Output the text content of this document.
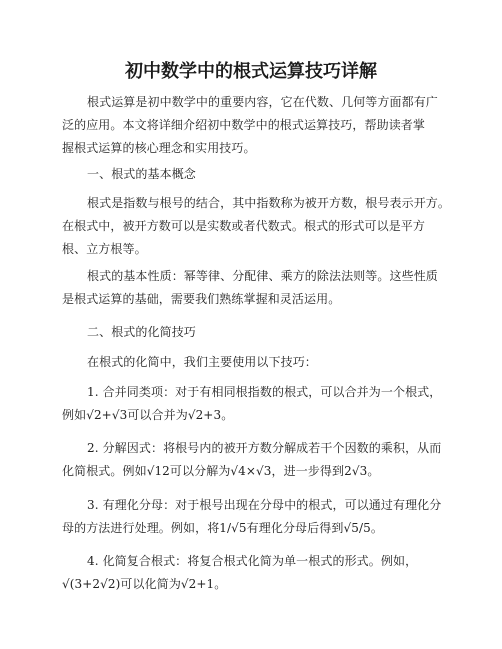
初中数学中的根式运算技巧详解
根式运算是初中数学中的重要内容，它在代数、几何等方面都有广
泛的应用。本文将详细介绍初中数学中的根式运算技巧，帮助读者掌
握根式运算的核心理念和实用技巧。
一、根式的基本概念
根式是指数与根号的结合，其中指数称为被开方数，根号表示开方。
在根式中，被开方数可以是实数或者代数式。根式的形式可以是平方
根、立方根等。
根式的基本性质：幂等律、分配律、乘方的除法法则等。这些性质
是根式运算的基础，需要我们熟练掌握和灵活运用。
二、根式的化简技巧
在根式的化简中，我们主要使用以下技巧：
1. 合并同类项：对于有相同根指数的根式，可以合并为一个根式，
例如√2+√3可以合并为√2+3。
2. 分解因式：将根号内的被开方数分解成若干个因数的乘积，从而
化简根式。例如√12可以分解为√4×√3，进一步得到2√3。
3. 有理化分母：对于根号出现在分母中的根式，可以通过有理化分
母的方法进行处理。例如，将1/√5有理化分母后得到√5/5。
4. 化简复合根式：将复合根式化简为单一根式的形式。例如，
√(3+2√2)可以化简为√2+1。
